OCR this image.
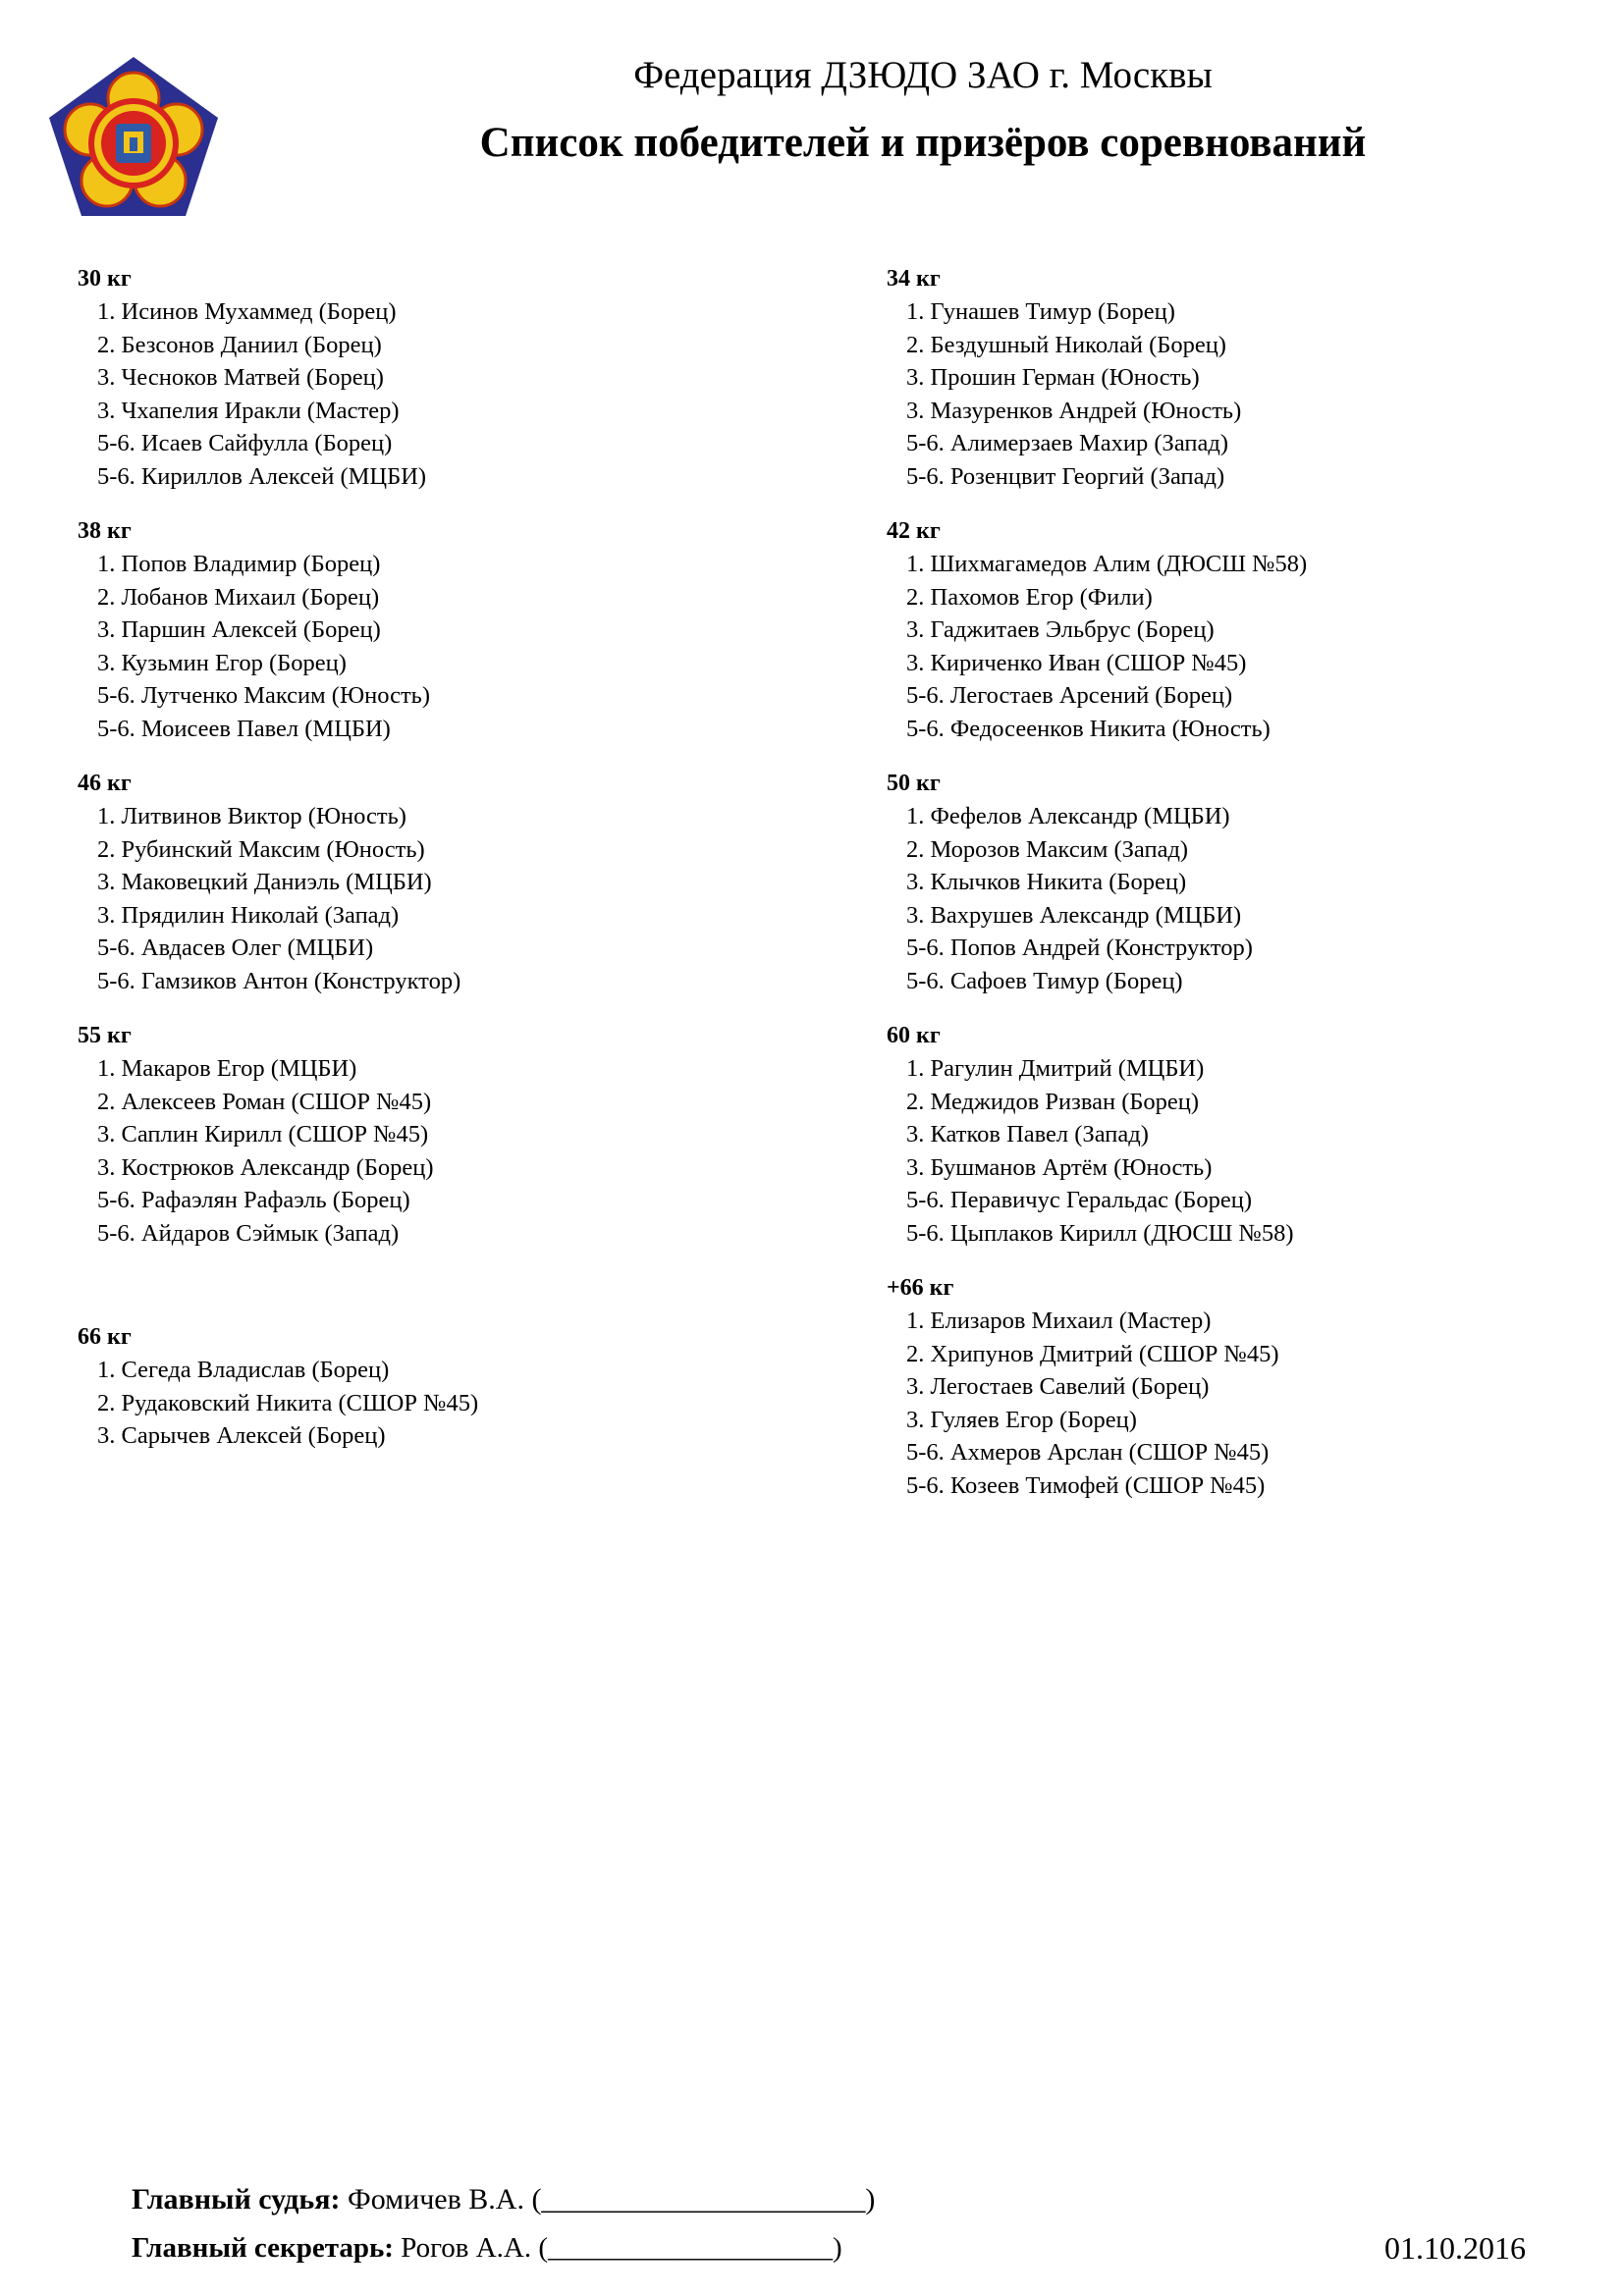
Федерация ДЗЮДО ЗАО г. Москвы
Список победителей и призёров соревнований
30 кг
1. Исинов Мухаммед (Борец)
2. Безсонов Даниил (Борец)
3. Чесноков Матвей (Борец)
3. Чхапелия Иракли (Мастер)
5-6. Исаев Сайфулла (Борец)
5-6. Кириллов Алексей (МЦБИ)
38 кг
1. Попов Владимир (Борец)
2. Лобанов Михаил (Борец)
3. Паршин Алексей (Борец)
3. Кузьмин Егор (Борец)
5-6. Лутченко Максим (Юность)
5-6. Моисеев Павел (МЦБИ)
46 кг
1. Литвинов Виктор (Юность)
2. Рубинский Максим (Юность)
3. Маковецкий Даниэль (МЦБИ)
3. Прядилин Николай (Запад)
5-6. Авдасев Олег (МЦБИ)
5-6. Гамзиков Антон (Конструктор)
55 кг
1. Макаров Егор (МЦБИ)
2. Алексеев Роман (СШОР №45)
3. Саплин Кирилл (СШОР №45)
3. Кострюков Александр (Борец)
5-6. Рафаэлян Рафаэль (Борец)
5-6. Айдаров Сэймык (Запад)
66 кг
1. Сегеда Владислав (Борец)
2. Рудаковский Никита (СШОР №45)
3. Сарычев Алексей (Борец)
34 кг
1. Гунашев Тимур (Борец)
2. Бездушный Николай (Борец)
3. Прошин Герман (Юность)
3. Мазуренков Андрей (Юность)
5-6. Алимерзаев Махир (Запад)
5-6. Розенцвит Георгий (Запад)
42 кг
1. Шихмагамедов Алим (ДЮСШ №58)
2. Пахомов Егор (Фили)
3. Гаджитаев Эльбрус (Борец)
3. Кириченко Иван (СШОР №45)
5-6. Легостаев Арсений (Борец)
5-6. Федосеенков Никита (Юность)
50 кг
1. Фефелов Александр (МЦБИ)
2. Морозов Максим (Запад)
3. Клычков Никита (Борец)
3. Вахрушев Александр (МЦБИ)
5-6. Попов Андрей (Конструктор)
5-6. Сафоев Тимур (Борец)
60 кг
1. Рагулин Дмитрий (МЦБИ)
2. Меджидов Ризван (Борец)
3. Катков Павел (Запад)
3. Бушманов Артём (Юность)
5-6. Перавичус Геральдас (Борец)
5-6. Цыплаков Кирилл (ДЮСШ №58)
+66 кг
1. Елизаров Михаил (Мастер)
2. Хрипунов Дмитрий (СШОР №45)
3. Легостаев Савелий (Борец)
3. Гуляев Егор (Борец)
5-6. Ахмеров Арслан (СШОР №45)
5-6. Козеев Тимофей (СШОР №45)
Главный судья: Фомичев В.А. (______________________)
Главный секретарь: Рогов А.А. (____________________)	01.10.2016
